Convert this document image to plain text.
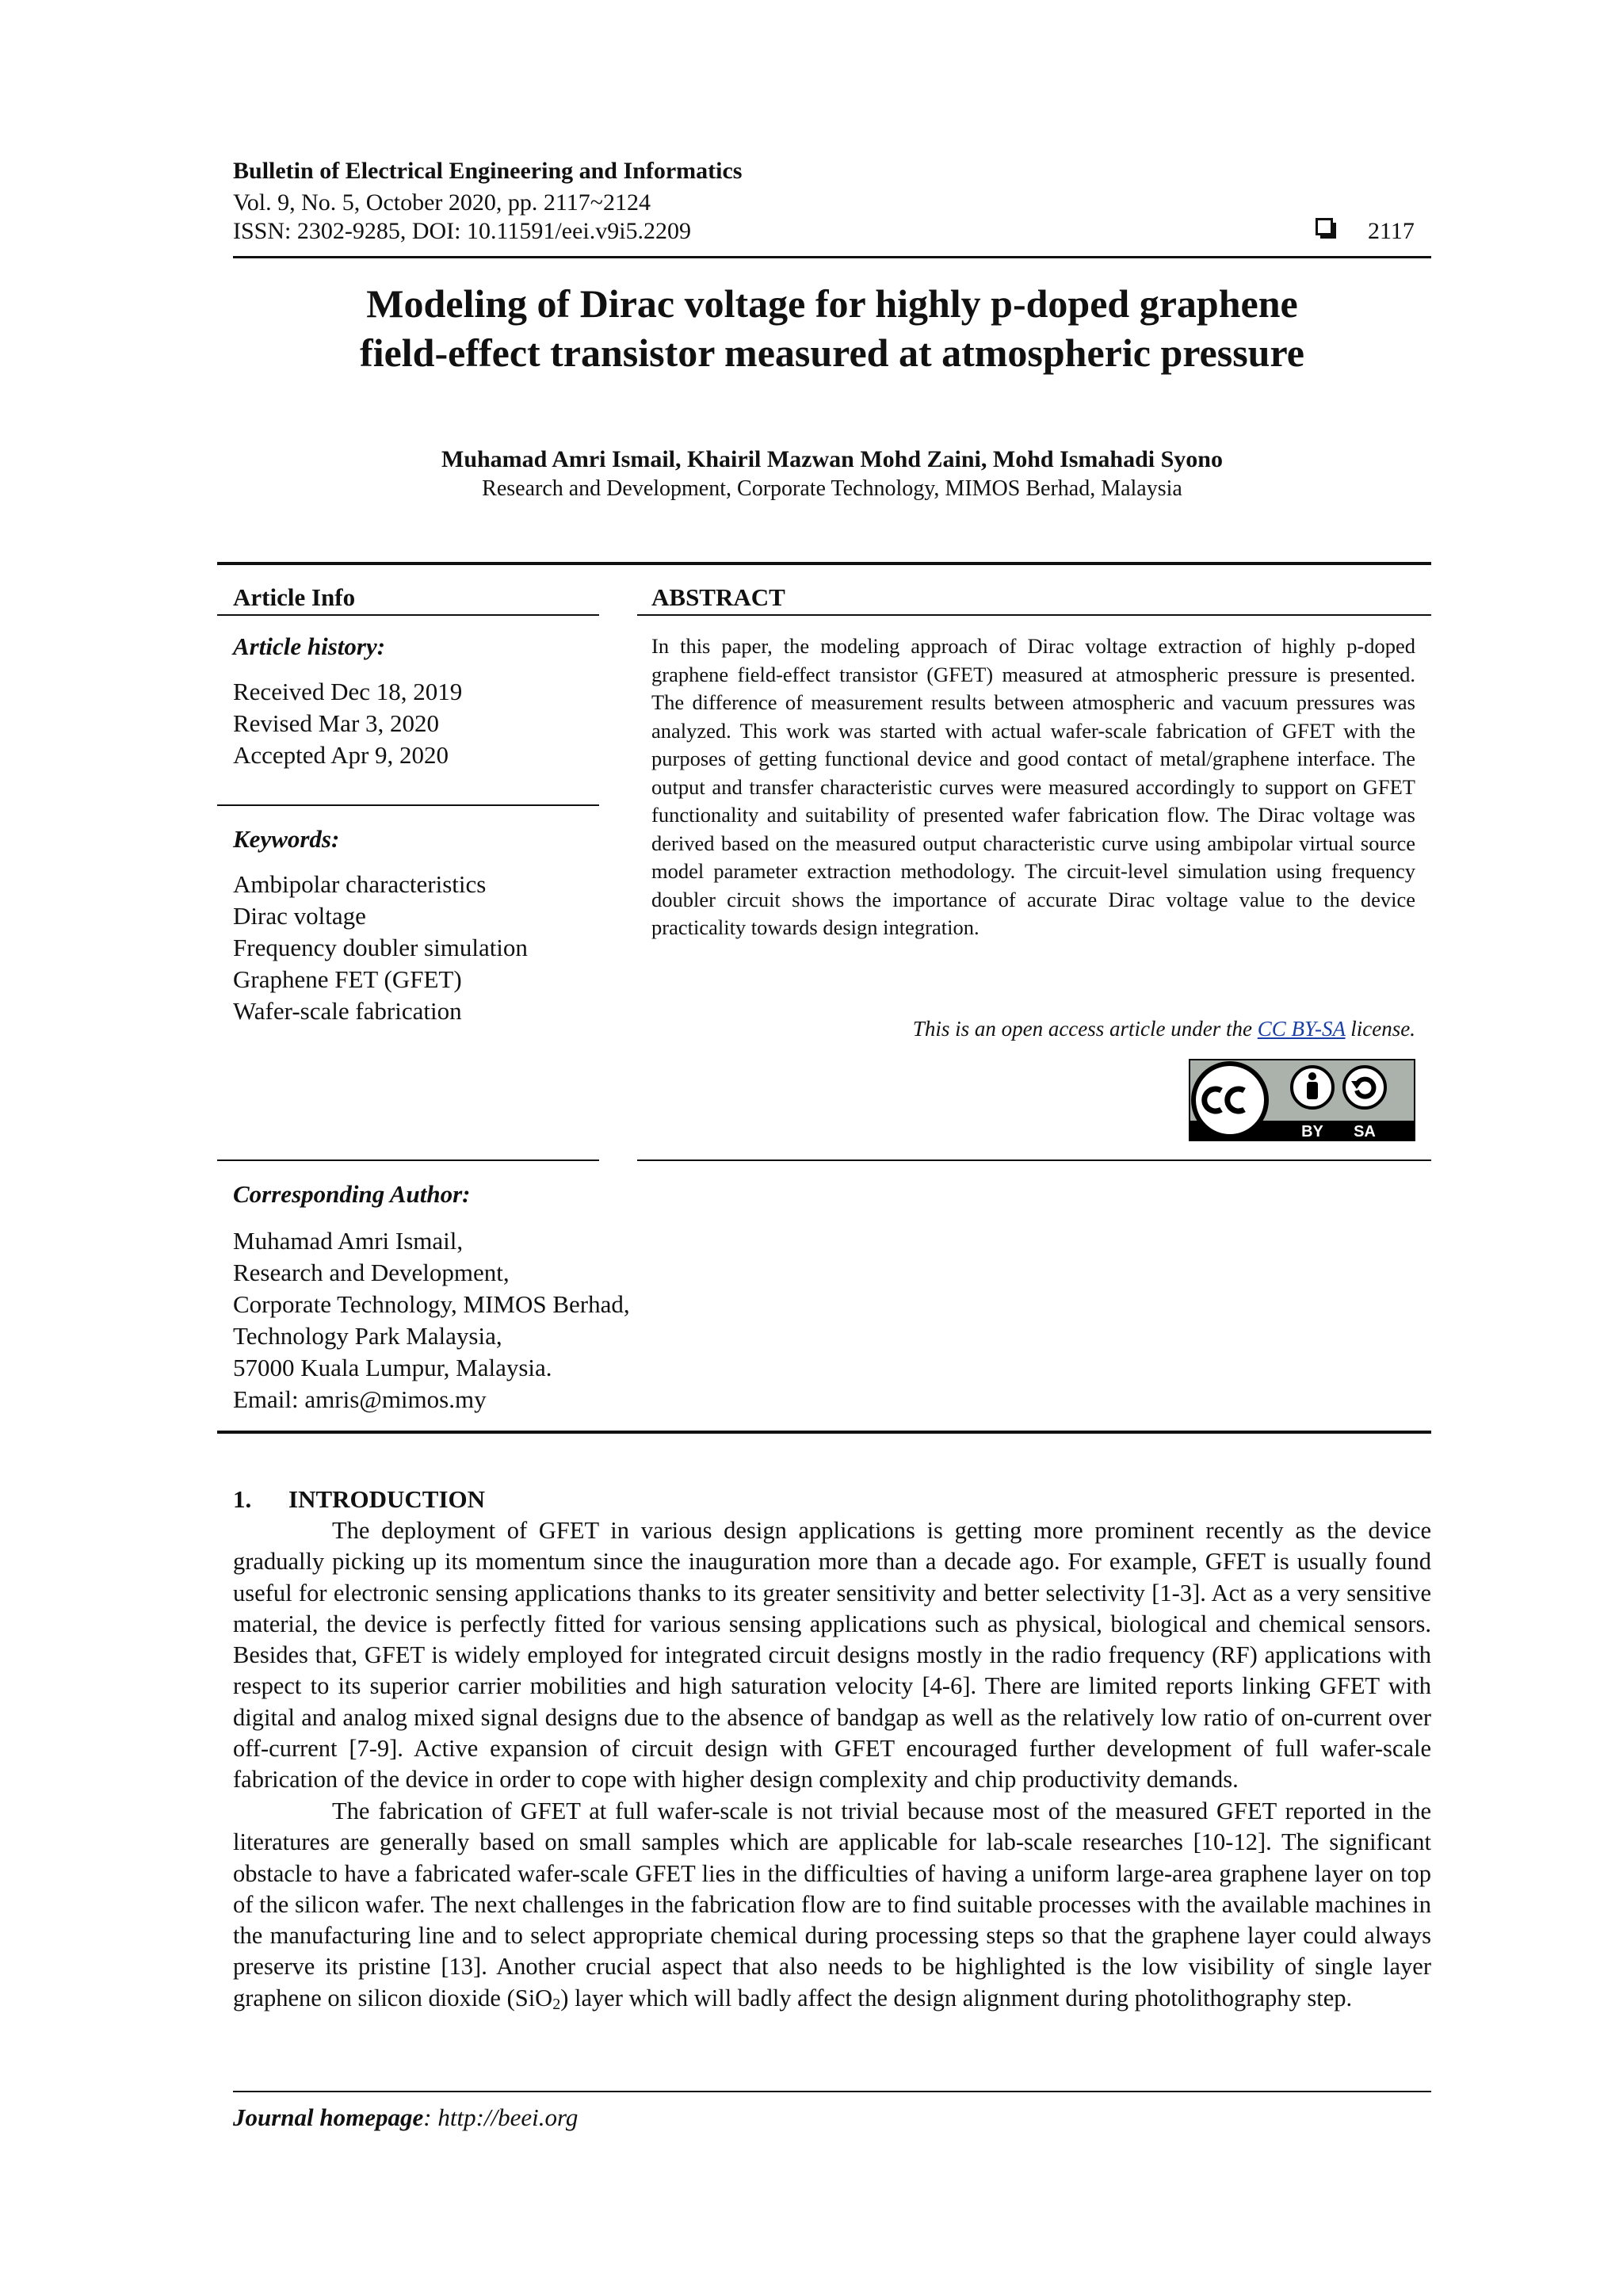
Bulletin of Electrical Engineering and Informatics
Vol. 9, No. 5, October 2020, pp. 2117~2124
ISSN: 2302-9285, DOI: 10.11591/eei.v9i5.2209	2117
Modeling of Dirac voltage for highly p-doped graphene
field-effect transistor measured at atmospheric pressure
Muhamad Amri Ismail, Khairil Mazwan Mohd Zaini, Mohd Ismahadi Syono
Research and Development, Corporate Technology, MIMOS Berhad, Malaysia
Article Info
Article history:
Received Dec 18, 2019
Revised Mar 3, 2020
Accepted Apr 9, 2020
Keywords:
Ambipolar characteristics
Dirac voltage
Frequency doubler simulation
Graphene FET (GFET)
Wafer-scale fabrication
ABSTRACT
In this paper, the modeling approach of Dirac voltage extraction of highly p-doped graphene field-effect transistor (GFET) measured at atmospheric pressure is presented. The difference of measurement results between atmospheric and vacuum pressures was analyzed. This work was started with actual wafer-scale fabrication of GFET with the purposes of getting functional device and good contact of metal/graphene interface. The output and transfer characteristic curves were measured accordingly to support on GFET functionality and suitability of presented wafer fabrication flow. The Dirac voltage was derived based on the measured output characteristic curve using ambipolar virtual source model parameter extraction methodology. The circuit-level simulation using frequency doubler circuit shows the importance of accurate Dirac voltage value to the device practicality towards design integration.
This is an open access article under the CC BY-SA license.
BY SA
Corresponding Author:
Muhamad Amri Ismail,
Research and Development,
Corporate Technology, MIMOS Berhad,
Technology Park Malaysia,
57000 Kuala Lumpur, Malaysia.
Email: amris@mimos.my
1. INTRODUCTION
The deployment of GFET in various design applications is getting more prominent recently as the device gradually picking up its momentum since the inauguration more than a decade ago. For example, GFET is usually found useful for electronic sensing applications thanks to its greater sensitivity and better selectivity [1-3]. Act as a very sensitive material, the device is perfectly fitted for various sensing applications such as physical, biological and chemical sensors. Besides that, GFET is widely employed for integrated circuit designs mostly in the radio frequency (RF) applications with respect to its superior carrier mobilities and high saturation velocity [4-6]. There are limited reports linking GFET with digital and analog mixed signal designs due to the absence of bandgap as well as the relatively low ratio of on-current over off-current [7-9]. Active expansion of circuit design with GFET encouraged further development of full wafer-scale fabrication of the device in order to cope with higher design complexity and chip productivity demands.
The fabrication of GFET at full wafer-scale is not trivial because most of the measured GFET reported in the literatures are generally based on small samples which are applicable for lab-scale researches [10-12]. The significant obstacle to have a fabricated wafer-scale GFET lies in the difficulties of having a uniform large-area graphene layer on top of the silicon wafer. The next challenges in the fabrication flow are to find suitable processes with the available machines in the manufacturing line and to select appropriate chemical during processing steps so that the graphene layer could always preserve its pristine [13]. Another crucial aspect that also needs to be highlighted is the low visibility of single layer graphene on silicon dioxide (SiO$_2$) layer which will badly affect the design alignment during photolithography step.
Journal homepage: http://beei.org
